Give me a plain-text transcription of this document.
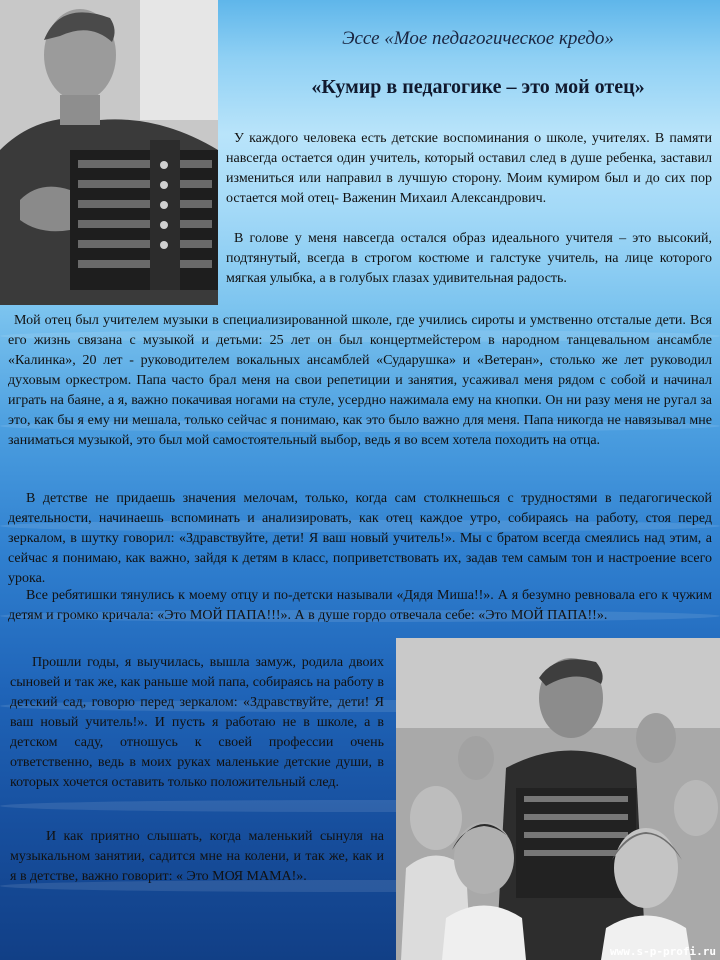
Эссе «Мое педагогическое кредо»
«Кумир в педагогике – это мой отец»

У каждого человека есть детские воспоминания о школе, учителях. В памяти навсегда остается один учитель, который оставил след в душе ребенка, заставил измениться или направил в лучшую сторону. Моим кумиром был и до сих пор остается мой отец- Важенин Михаил Александрович.

В голове у меня навсегда остался образ идеального учителя – это высокий, подтянутый, всегда в строгом костюме и галстуке учитель, на лице которого мягкая улыбка, а в голубых глазах удивительная радость.

Мой отец был учителем музыки в специализированной школе, где учились сироты и умственно отсталые дети. Вся его жизнь связана с музыкой и детьми: 25 лет он был концертмейстером в народном танцевальном ансамбле «Калинка», 20 лет - руководителем вокальных ансамблей «Сударушка» и «Ветеран», столько же лет руководил духовым оркестром. Папа часто брал меня на свои репетиции и занятия, усаживал меня рядом с собой и начинал играть на баяне, а я, важно покачивая ногами на стуле, усердно нажимала ему на кнопки. Он ни разу меня не ругал за это, как бы я ему ни мешала, только сейчас я понимаю, как это было важно для меня. Папа никогда не навязывал мне заниматься музыкой, это был мой самостоятельный выбор, ведь я во всем хотела походить на отца.

В детстве не придаешь значения мелочам, только, когда сам столкнешься с трудностями в педагогической деятельности, начинаешь вспоминать и анализировать, как отец каждое утро, собираясь на работу, стоя перед зеркалом, в шутку говорил: «Здравствуйте, дети! Я ваш новый учитель!». Мы с братом всегда смеялись над этим, а сейчас я понимаю, как важно, зайдя к детям в класс, поприветствовать их, задав тем самым тон и настроение всего урока.

Все ребятишки тянулись к моему отцу и по-детски называли «Дядя Миша!!». А я безумно ревновала его к чужим детям и громко кричала: «Это МОЙ ПАПА!!!». А в душе гордо отвечала себе: «Это МОЙ ПАПА!!».

Прошли годы, я выучилась, вышла замуж, родила двоих сыновей и так же, как раньше мой папа, собираясь на работу в детский сад, говорю перед зеркалом: «Здравствуйте, дети! Я ваш новый учитель!». И пусть я работаю не в школе, а в детском саду, отношусь к своей профессии очень ответственно, ведь в моих руках маленькие детские души, в которых хочется оставить только положительный след.

И как приятно слышать, когда маленький сынуля на музыкальном занятии, садится мне на колени, и так же, как и я в детстве, важно говорит: « Это МОЯ МАМА!».

www.s-p-profi.ru
